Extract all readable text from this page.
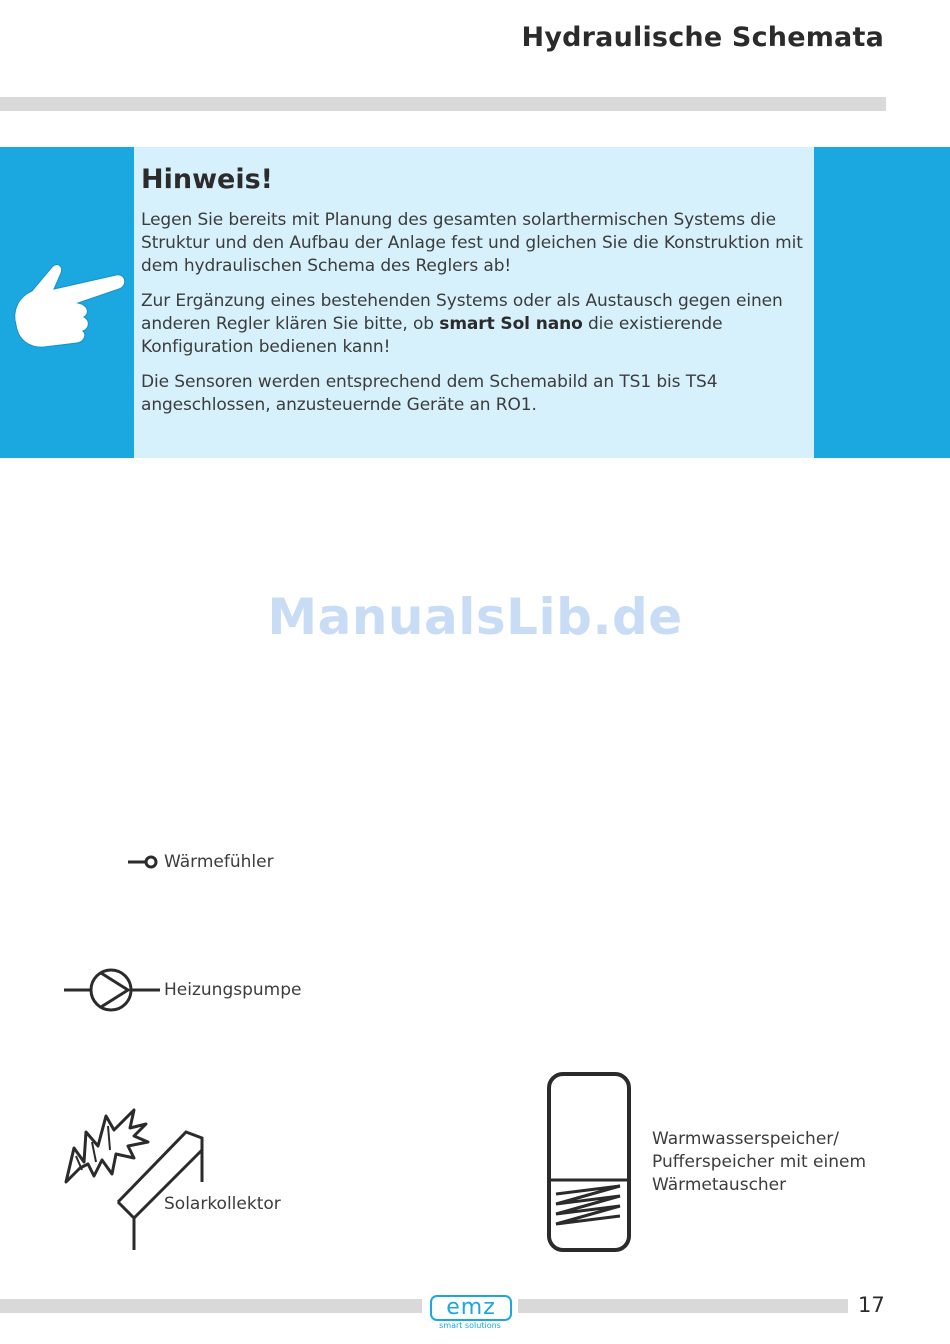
Hydraulische Schemata
Hinweis!

Legen Sie bereits mit Planung des gesamten solarthermischen Systems die Struktur und den Aufbau der Anlage fest und gleichen Sie die Konstruktion mit dem hydraulischen Schema des Reglers ab!

Zur Ergänzung eines bestehenden Systems oder als Austausch gegen einen anderen Regler klären Sie bitte, ob smart Sol nano die existierende Konfiguration bedienen kann!

Die Sensoren werden entsprechend dem Schemabild an TS1 bis TS4 angeschlossen, anzusteuernde Geräte an RO1.

ManualsLib.de
Wärmefühler
Heizungspumpe
Solarkollektor
Warmwasserspeicher/
Pufferspeicher mit einem
Wärmetauscher
emz
smart solutions
17
